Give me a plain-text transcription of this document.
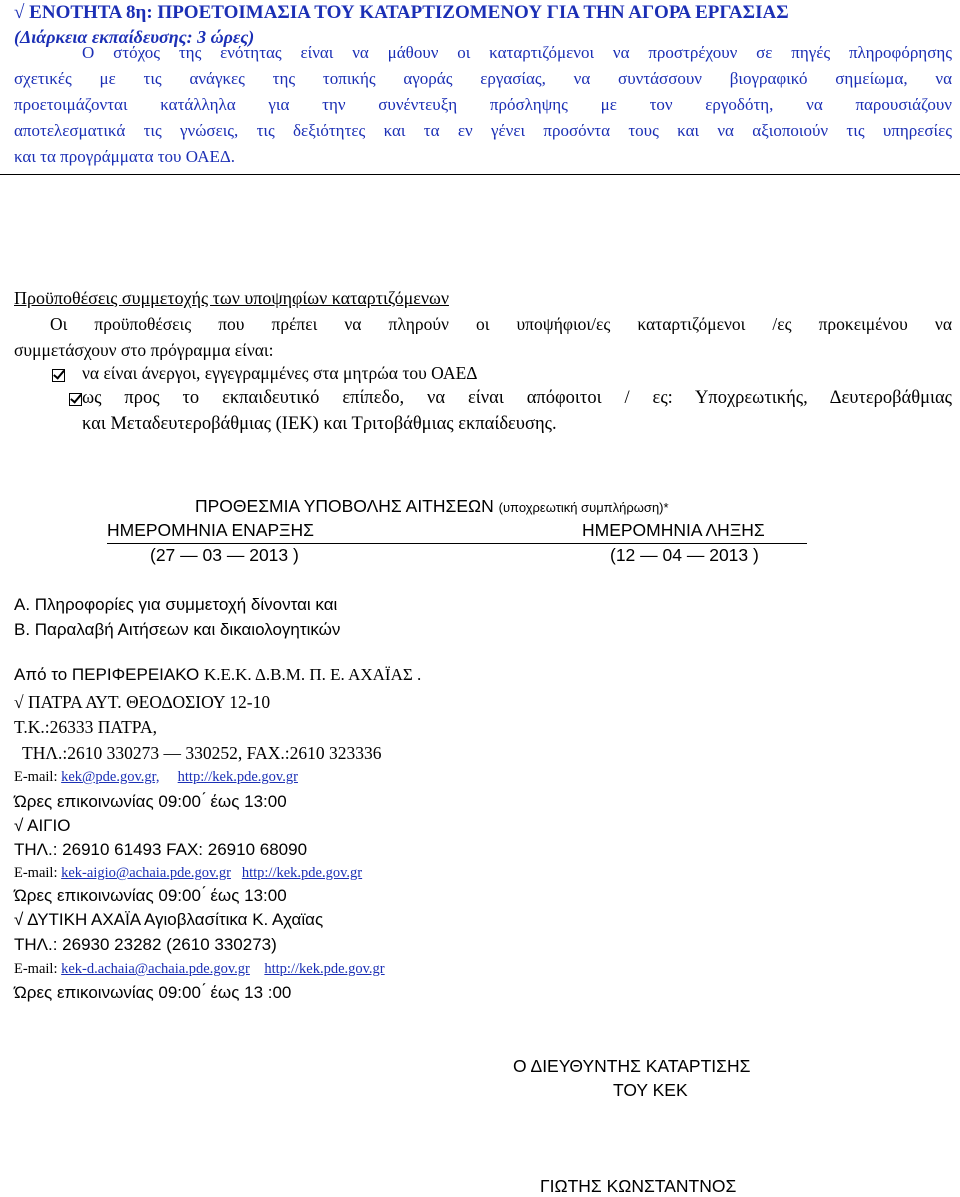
√ ΕΝΟΤΗΤΑ 8η: ΠΡΟΕΤΟΙΜΑΣΙΑ ΤΟΥ ΚΑΤΑΡΤΙΖΟΜΕΝΟΥ ΓΙΑ ΤΗΝ ΑΓΟΡΑ ΕΡΓΑΣΙΑΣ
(Διάρκεια εκπαίδευσης: 3 ώρες)
Ο στόχος της ενότητας είναι να μάθουν οι καταρτιζόμενοι να προστρέχουν σε πηγές πληροφόρησης
σχετικές με τις ανάγκες της τοπικής αγοράς εργασίας, να συντάσσουν βιογραφικό σημείωμα, να
προετοιμάζονται κατάλληλα για την συνέντευξη πρόσληψης με τον εργοδότη, να παρουσιάζουν
αποτελεσματικά τις γνώσεις, τις δεξιότητες και τα εν γένει προσόντα τους και να αξιοποιούν τις υπηρεσίες
και τα προγράμματα του ΟΑΕΔ.
Προϋποθέσεις συμμετοχής των υποψηφίων καταρτιζόμενων
Οι προϋποθέσεις που πρέπει να πληρούν οι υποψήφιοι/ες καταρτιζόμενοι /ες προκειμένου να
συμμετάσχουν στο πρόγραμμα είναι:

να είναι άνεργοι, εγγεγραμμένες στα μητρώα του ΟΑΕΔ
ως προς το εκπαιδευτικό επίπεδο, να είναι απόφοιτοι / ες: Υποχρεωτικής, Δευτεροβάθμιας
και Μεταδευτεροβάθμιας (ΙΕΚ) και Τριτοβάθμιας εκπαίδευσης.
ΠΡΟΘΕΣΜΙΑ ΥΠΟΒΟΛΗΣ ΑΙΤΗΣΕΩΝ (υποχρεωτική συμπλήρωση)*
ΗΜΕΡΟΜΗΝΙΑ ΕΝΑΡΞΗΣ	ΗΜΕΡΟΜΗΝΙΑ ΛΗΞΗΣ
(27 — 03 — 2013 )	(12 — 04 — 2013 )
Α. Πληροφορίες για συμμετοχή δίνονται και
Β. Παραλαβή Αιτήσεων και δικαιολογητικών
Από το ΠΕΡΙΦΕΡΕΙΑΚΟ Κ.Ε.Κ. Δ.Β.Μ. Π. Ε. ΑΧΑΪΑΣ .
√ ΠΑΤΡΑ ΑΥΤ. ΘΕΟΔΟΣΙΟΥ 12-10
Τ.Κ.:26333 ΠΑΤΡΑ,
ΤΗΛ.:2610 330273 — 330252, FAX.:2610 323336
E-mail: kek@pde.gov.gr, http://kek.pde.gov.gr
Ώρες επικοινωνίας 09:00 ́ έως 13:00
√ ΑΙΓΙΟ
ΤΗΛ.: 26910 61493 FAX: 26910 68090
E-mail: kek-aigio@achaia.pde.gov.gr http://kek.pde.gov.gr
Ώρες επικοινωνίας 09:00 ́ έως 13:00
√ ΔΥΤΙΚΗ ΑΧΑΪΑ Αγιοβλασίτικα Κ. Αχαϊας
ΤΗΛ.: 26930 23282 (2610 330273)
E-mail: kek-d.achaia@achaia.pde.gov.gr http://kek.pde.gov.gr
Ώρες επικοινωνίας 09:00 ́ έως 13 :00
Ο ΔΙΕΥΘΥΝΤΗΣ ΚΑΤΑΡΤΙΣΗΣ
ΤΟΥ ΚΕΚ
ΓΙΩΤΗΣ ΚΩΝΣΤΑΝΤΝΟΣ
